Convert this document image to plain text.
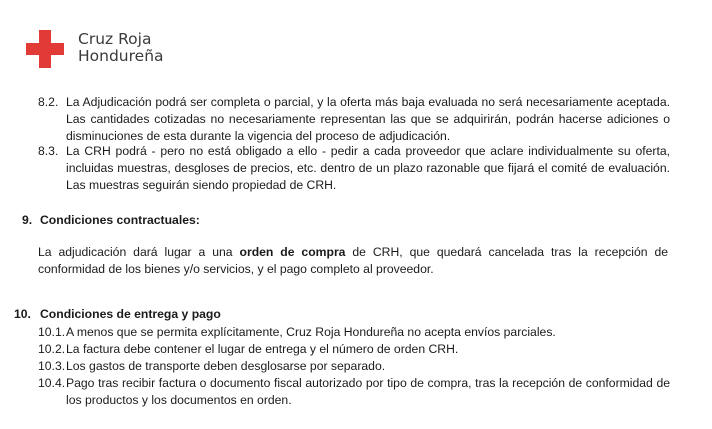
Cruz Roja
Hondureña
8.2. La Adjudicación podrá ser completa o parcial, y la oferta más baja evaluada no será necesariamente aceptada. Las cantidades cotizadas no necesariamente representan las que se adquirirán, podrán hacerse adiciones o disminuciones de esta durante la vigencia del proceso de adjudicación.
8.3. La CRH podrá - pero no está obligado a ello - pedir a cada proveedor que aclare individualmente su oferta, incluidas muestras, desgloses de precios, etc. dentro de un plazo razonable que fijará el comité de evaluación. Las muestras seguirán siendo propiedad de CRH.
9. Condiciones contractuales:
La adjudicación dará lugar a una orden de compra de CRH, que quedará cancelada tras la recepción de conformidad de los bienes y/o servicios, y el pago completo al proveedor.
10. Condiciones de entrega y pago
10.1. A menos que se permita explícitamente, Cruz Roja Hondureña no acepta envíos parciales.
10.2. La factura debe contener el lugar de entrega y el número de orden CRH.
10.3. Los gastos de transporte deben desglosarse por separado.
10.4. Pago tras recibir factura o documento fiscal autorizado por tipo de compra, tras la recepción de conformidad de los productos y los documentos en orden.
